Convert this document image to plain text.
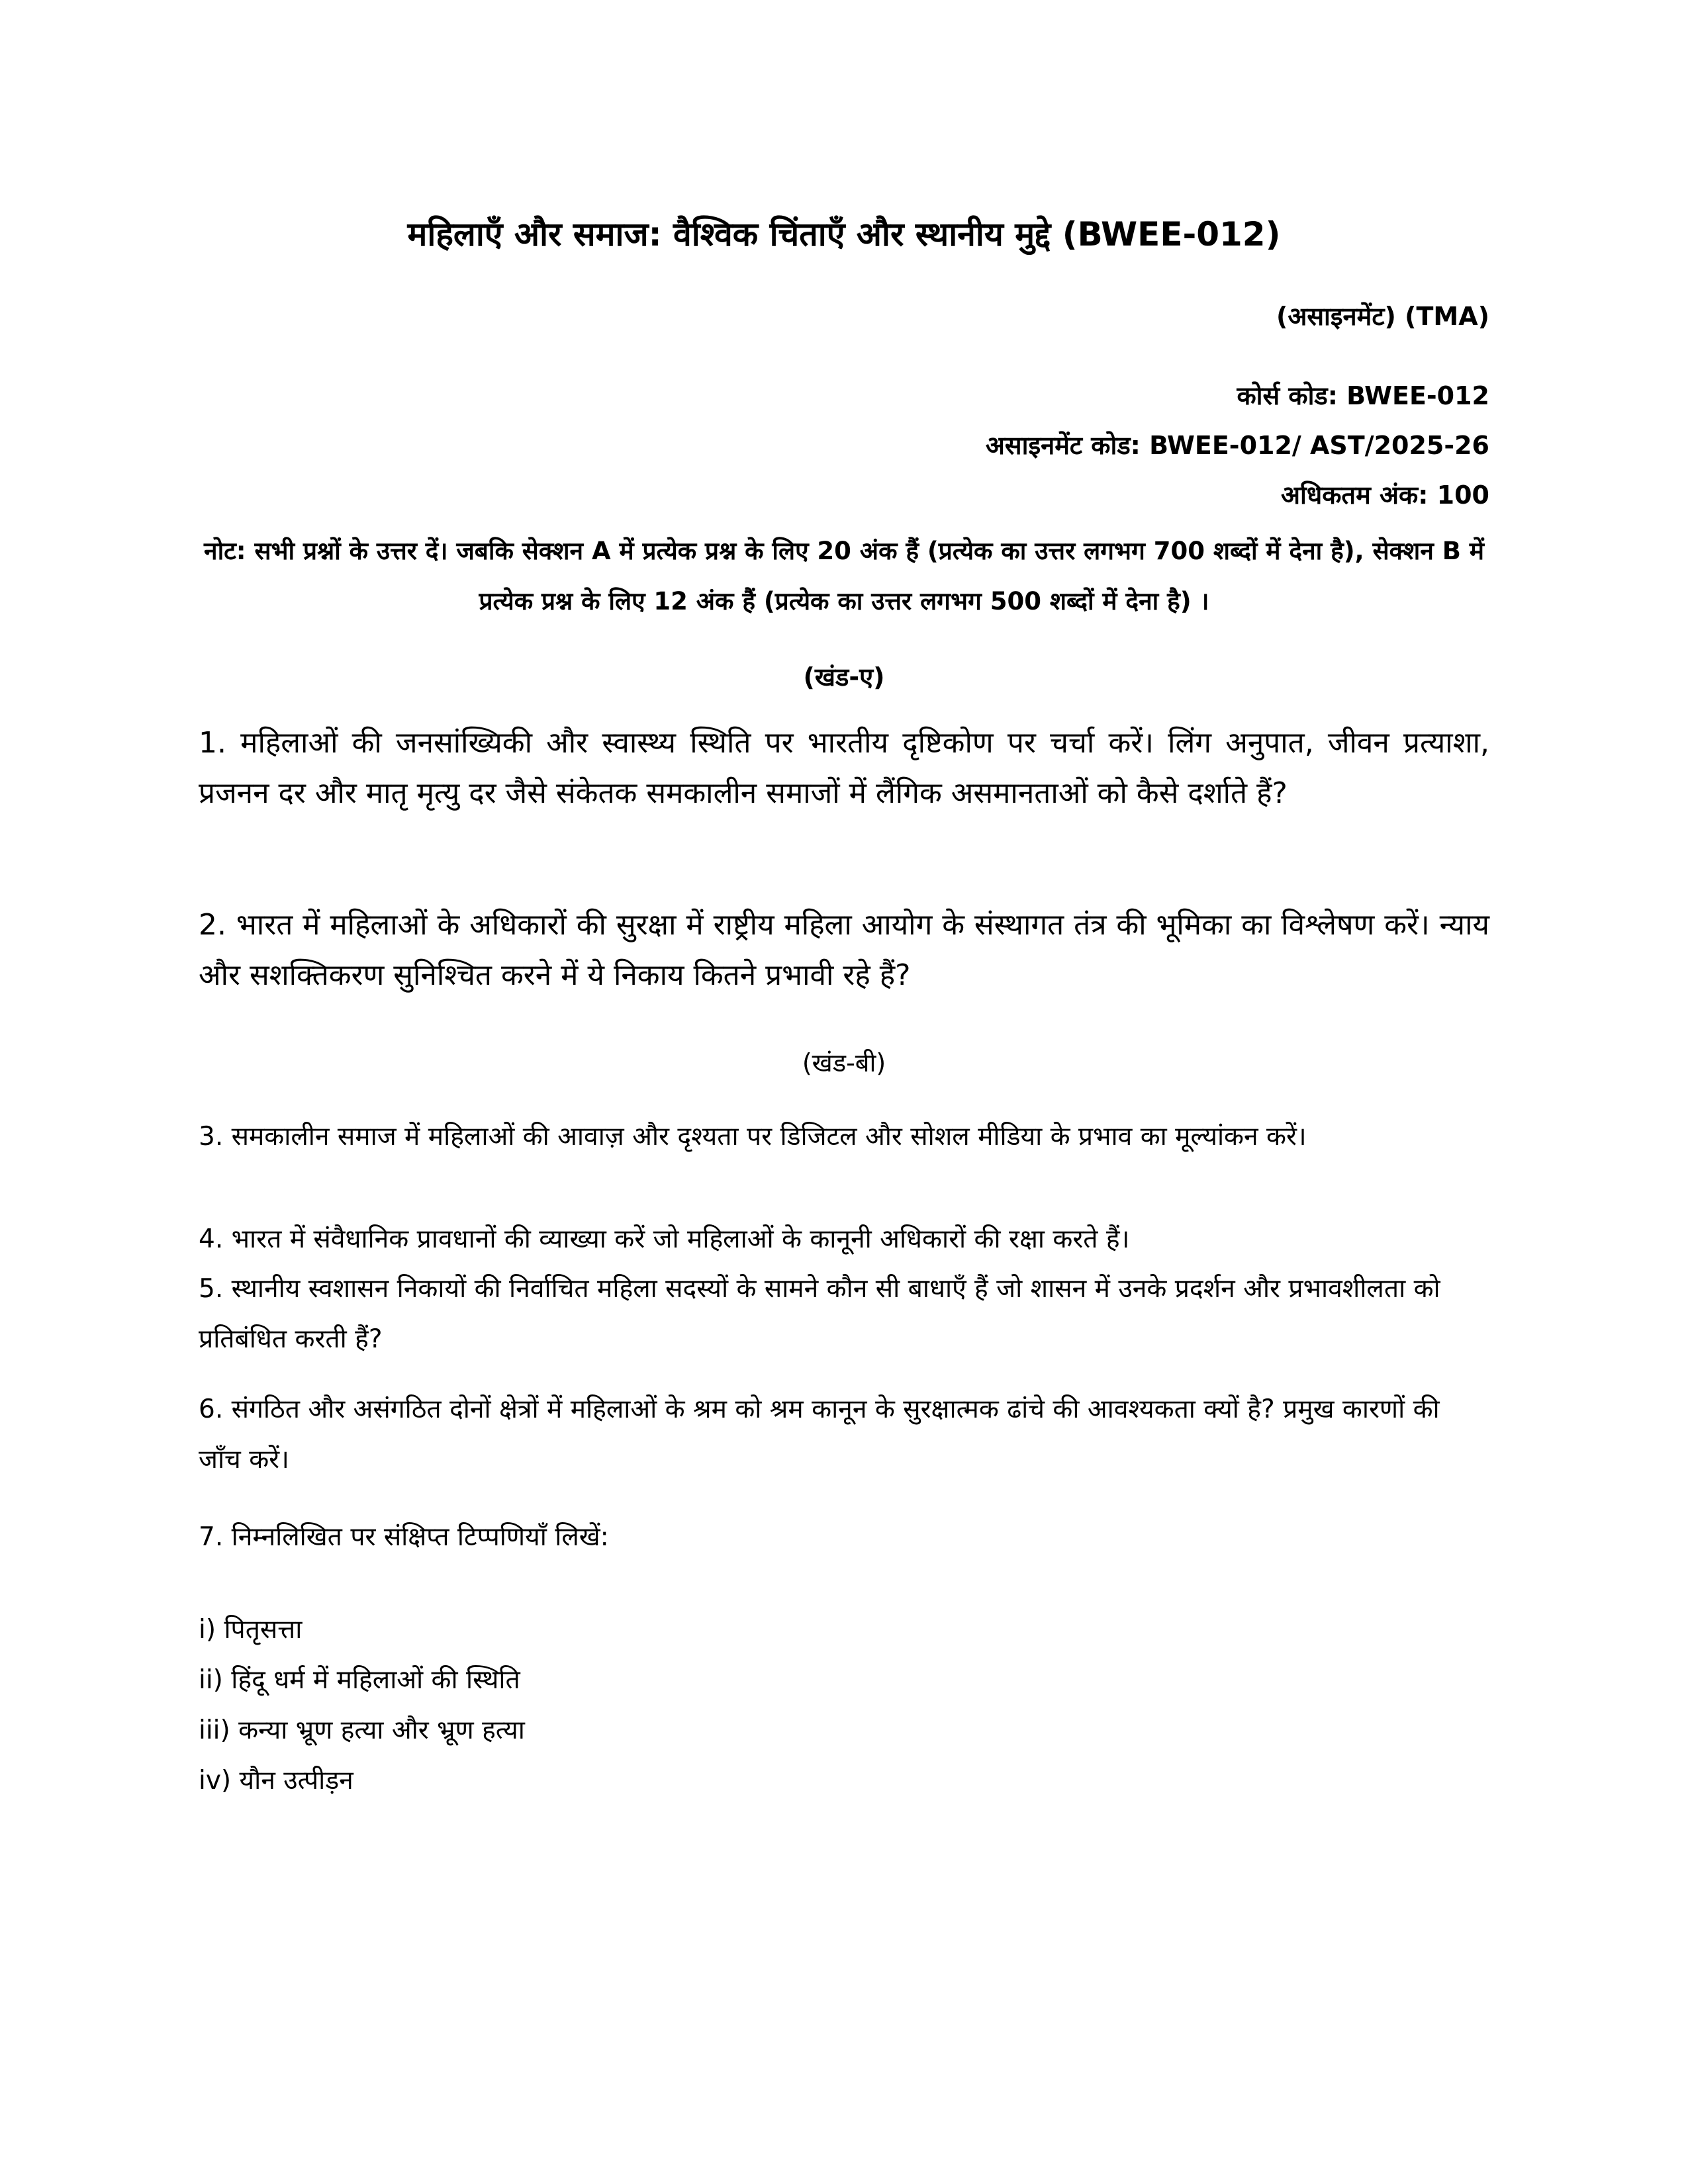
महिलाएँ और समाज: वैश्विक चिंताएँ और स्थानीय मुद्दे (BWEE-012)
(असाइनमेंट) (TMA)
कोर्स कोड: BWEE-012
असाइनमेंट कोड: BWEE-012/ AST/2025-26
अधिकतम अंक: 100
नोट: सभी प्रश्नों के उत्तर दें। जबकि सेक्शन A में प्रत्येक प्रश्न के लिए 20 अंक हैं (प्रत्येक का उत्तर लगभग 700 शब्दों में देना है), सेक्शन B में प्रत्येक प्रश्न के लिए 12 अंक हैं (प्रत्येक का उत्तर लगभग 500 शब्दों में देना है) ।
(खंड-ए)
1. महिलाओं की जनसांख्यिकी और स्वास्थ्य स्थिति पर भारतीय दृष्टिकोण पर चर्चा करें। लिंग अनुपात, जीवन प्रत्याशा, प्रजनन दर और मातृ मृत्यु दर जैसे संकेतक समकालीन समाजों में लैंगिक असमानताओं को कैसे दर्शाते हैं?
2. भारत में महिलाओं के अधिकारों की सुरक्षा में राष्ट्रीय महिला आयोग के संस्थागत तंत्र की भूमिका का विश्लेषण करें। न्याय और सशक्तिकरण सुनिश्चित करने में ये निकाय कितने प्रभावी रहे हैं?
(खंड-बी)
3. समकालीन समाज में महिलाओं की आवाज़ और दृश्यता पर डिजिटल और सोशल मीडिया के प्रभाव का मूल्यांकन करें।
4. भारत में संवैधानिक प्रावधानों की व्याख्या करें जो महिलाओं के कानूनी अधिकारों की रक्षा करते हैं।
5. स्थानीय स्वशासन निकायों की निर्वाचित महिला सदस्यों के सामने कौन सी बाधाएँ हैं जो शासन में उनके प्रदर्शन और प्रभावशीलता को प्रतिबंधित करती हैं?
6. संगठित और असंगठित दोनों क्षेत्रों में महिलाओं के श्रम को श्रम कानून के सुरक्षात्मक ढांचे की आवश्यकता क्यों है? प्रमुख कारणों की जाँच करें।
7. निम्नलिखित पर संक्षिप्त टिप्पणियाँ लिखें:
i) पितृसत्ता
ii) हिंदू धर्म में महिलाओं की स्थिति
iii) कन्या भ्रूण हत्या और भ्रूण हत्या
iv) यौन उत्पीड़न
